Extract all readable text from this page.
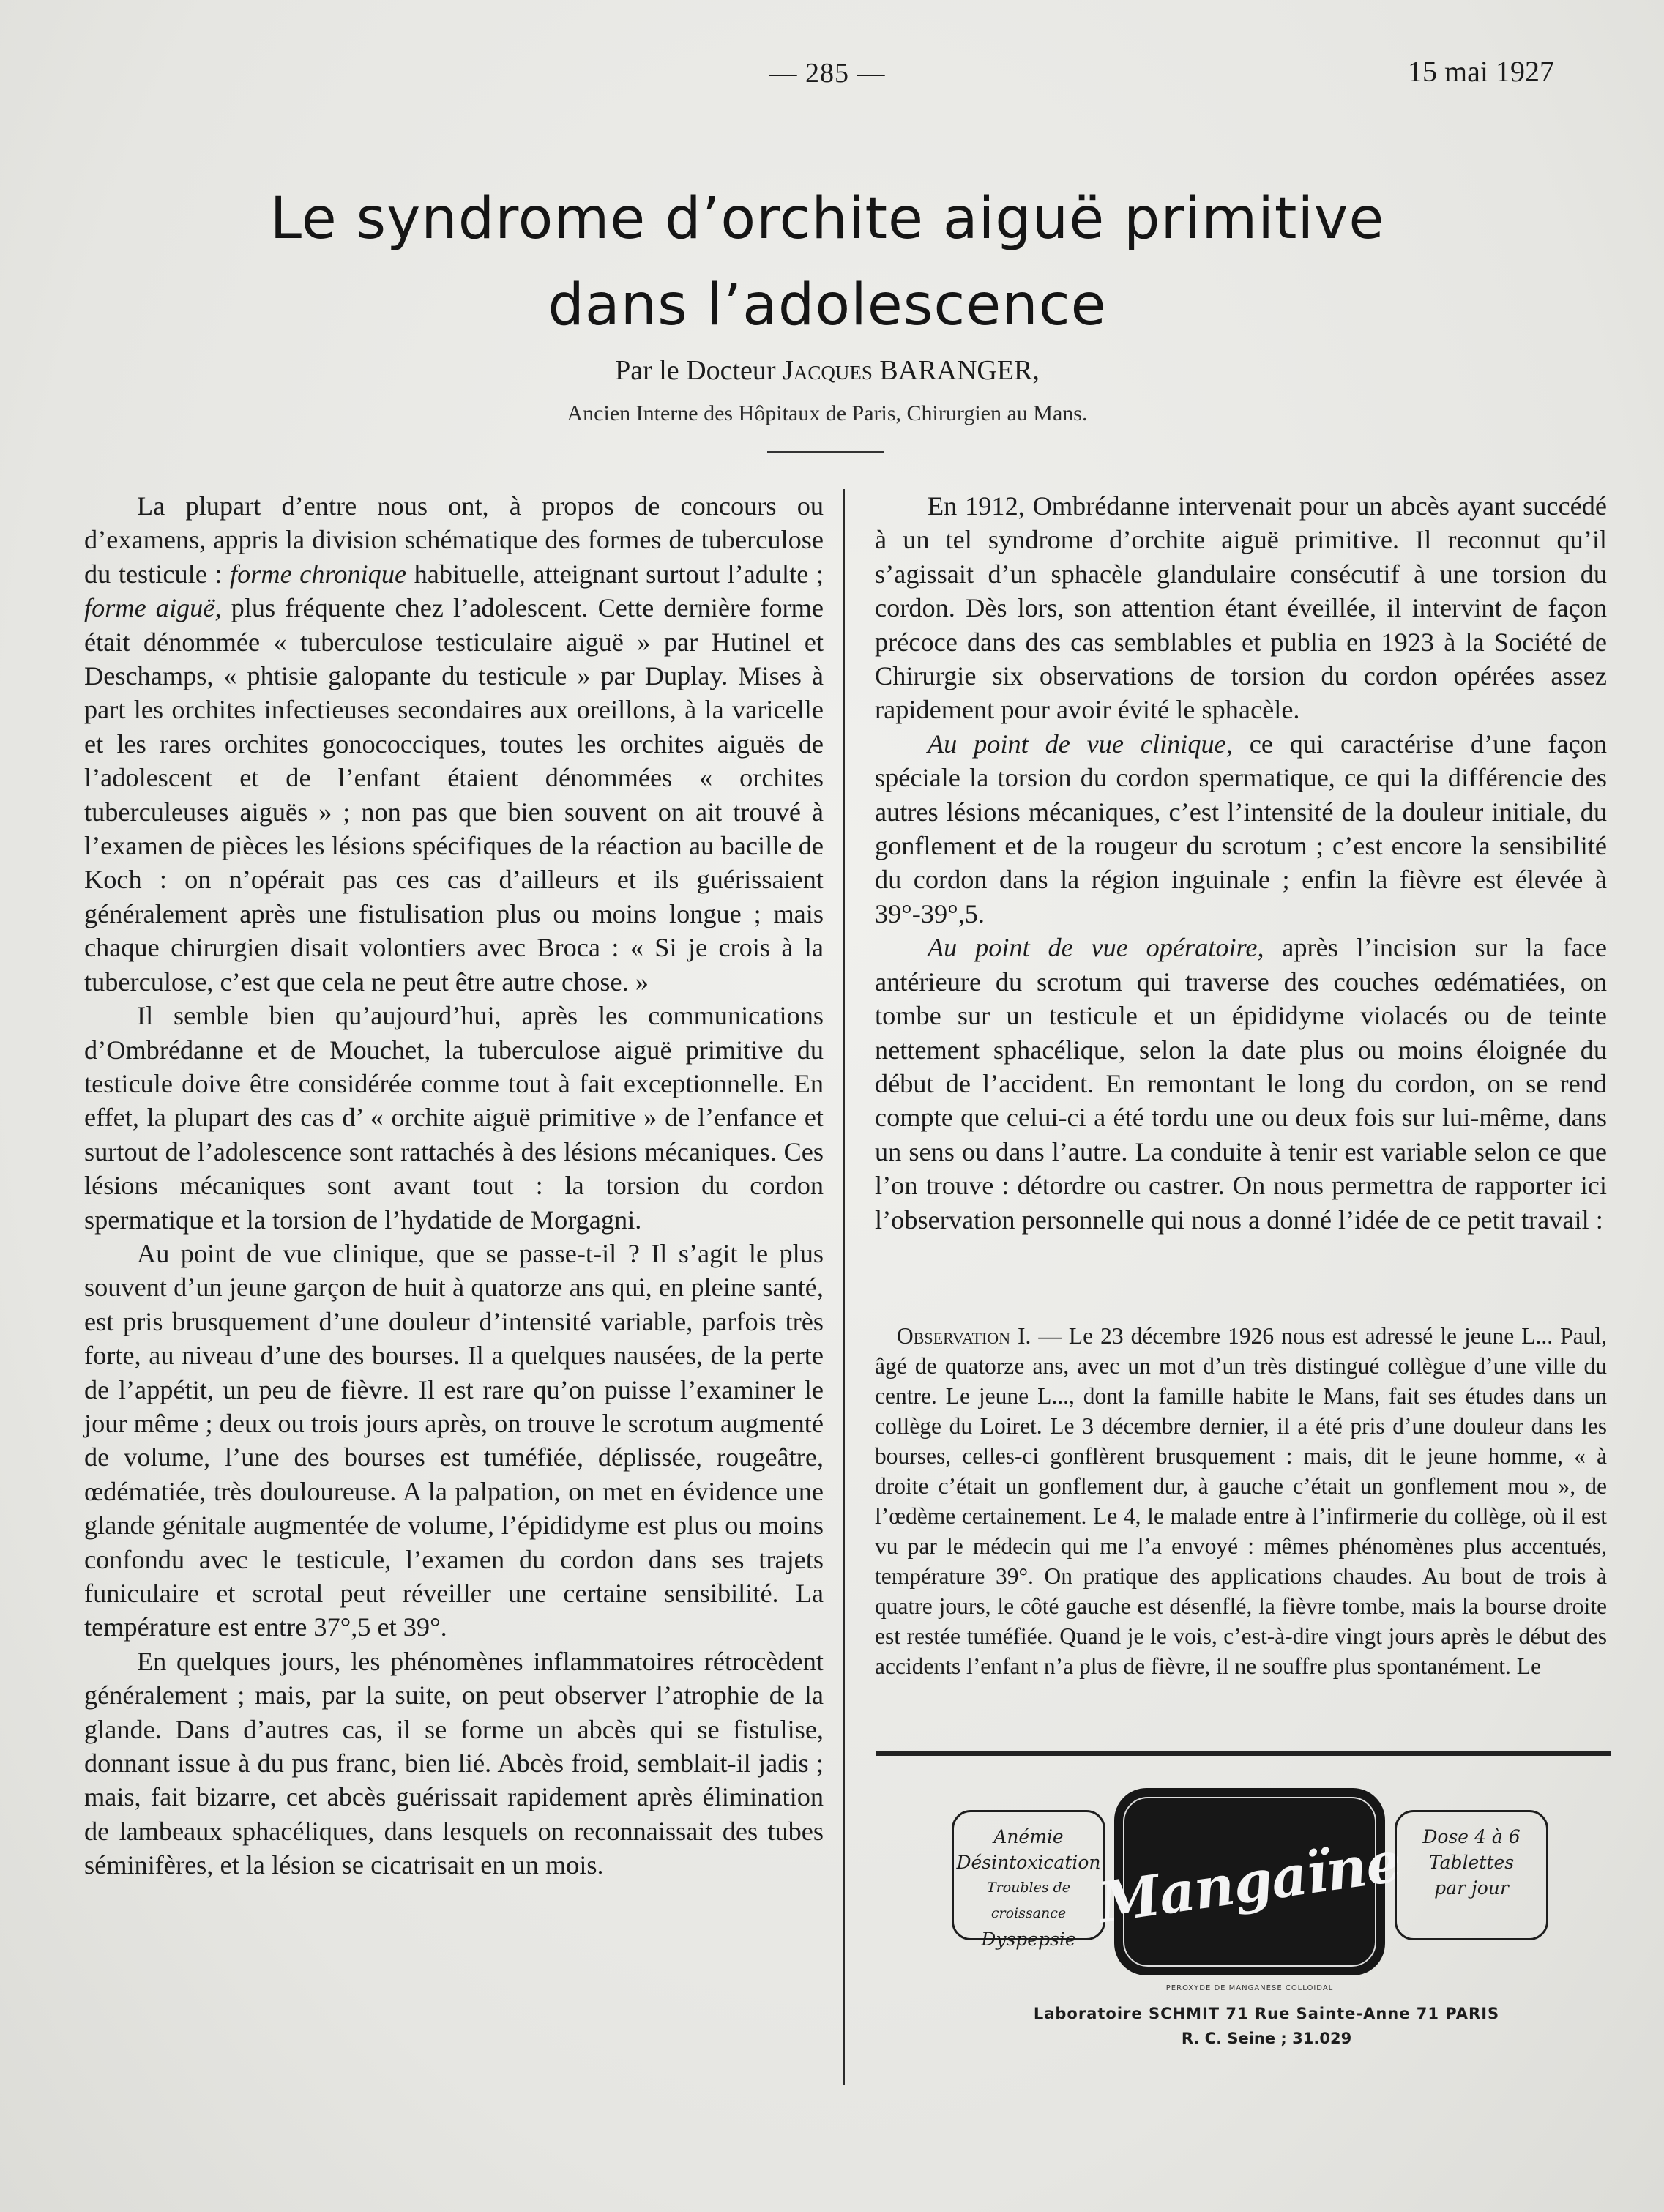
— 285 —	15 mai 1927
Le syndrome d’orchite aiguë primitive
dans l’adolescence
Par le Docteur Jacques BARANGER,
Ancien Interne des Hôpitaux de Paris, Chirurgien au Mans.

La plupart d’entre nous ont, à propos de concours ou d’examens, appris la division schématique des formes de tuberculose du testicule : forme chronique habituelle, atteignant surtout l’adulte ; forme aiguë, plus fréquente chez l’adolescent. Cette dernière forme était dénommée « tuberculose testiculaire aiguë » par Hutinel et Deschamps, « phtisie galopante du testicule » par Duplay. Mises à part les orchites infectieuses secondaires aux oreillons, à la varicelle et les rares orchites gonococciques, toutes les orchites aiguës de l’adolescent et de l’enfant étaient dénommées « orchites tuberculeuses aiguës » ; non pas que bien souvent on ait trouvé à l’examen de pièces les lésions spécifiques de la réaction au bacille de Koch : on n’opérait pas ces cas d’ailleurs et ils guérissaient généralement après une fistulisation plus ou moins longue ; mais chaque chirurgien disait volontiers avec Broca : « Si je crois à la tuberculose, c’est que cela ne peut être autre chose. »

Il semble bien qu’aujourd’hui, après les communications d’Ombrédanne et de Mouchet, la tuberculose aiguë primitive du testicule doive être considérée comme tout à fait exceptionnelle. En effet, la plupart des cas d’ « orchite aiguë primitive » de l’enfance et surtout de l’adolescence sont rattachés à des lésions mécaniques. Ces lésions mécaniques sont avant tout : la torsion du cordon spermatique et la torsion de l’hydatide de Morgagni.

Au point de vue clinique, que se passe-t-il ? Il s’agit le plus souvent d’un jeune garçon de huit à quatorze ans qui, en pleine santé, est pris brusquement d’une douleur d’intensité variable, parfois très forte, au niveau d’une des bourses. Il a quelques nausées, de la perte de l’appétit, un peu de fièvre. Il est rare qu’on puisse l’examiner le jour même ; deux ou trois jours après, on trouve le scrotum augmenté de volume, l’une des bourses est tuméfiée, déplissée, rougeâtre, œdématiée, très douloureuse. A la palpation, on met en évidence une glande génitale augmentée de volume, l’épididyme est plus ou moins confondu avec le testicule, l’examen du cordon dans ses trajets funiculaire et scrotal peut réveiller une certaine sensibilité. La température est entre 37°,5 et 39°.

En quelques jours, les phénomènes inflammatoires rétrocèdent généralement ; mais, par la suite, on peut observer l’atrophie de la glande. Dans d’autres cas, il se forme un abcès qui se fistulise, donnant issue à du pus franc, bien lié. Abcès froid, semblait-il jadis ; mais, fait bizarre, cet abcès guérissait rapidement après élimination de lambeaux sphacéliques, dans lesquels on reconnaissait des tubes séminifères, et la lésion se cicatrisait en un mois.

En 1912, Ombrédanne intervenait pour un abcès ayant succédé à un tel syndrome d’orchite aiguë primitive. Il reconnut qu’il s’agissait d’un sphacèle glandulaire consécutif à une torsion du cordon. Dès lors, son attention étant éveillée, il intervint de façon précoce dans des cas semblables et publia en 1923 à la Société de Chirurgie six observations de torsion du cordon opérées assez rapidement pour avoir évité le sphacèle.

Au point de vue clinique, ce qui caractérise d’une façon spéciale la torsion du cordon spermatique, ce qui la différencie des autres lésions mécaniques, c’est l’intensité de la douleur initiale, du gonflement et de la rougeur du scrotum ; c’est encore la sensibilité du cordon dans la région inguinale ; enfin la fièvre est élevée à 39°-39°,5.

Au point de vue opératoire, après l’incision sur la face antérieure du scrotum qui traverse des couches œdématiées, on tombe sur un testicule et un épididyme violacés ou de teinte nettement sphacélique, selon la date plus ou moins éloignée du début de l’accident. En remontant le long du cordon, on se rend compte que celui-ci a été tordu une ou deux fois sur lui-même, dans un sens ou dans l’autre. La conduite à tenir est variable selon ce que l’on trouve : détordre ou castrer. On nous permettra de rapporter ici l’observation personnelle qui nous a donné l’idée de ce petit travail :

Observation I. — Le 23 décembre 1926 nous est adressé le jeune L... Paul, âgé de quatorze ans, avec un mot d’un très distingué collègue d’une ville du centre. Le jeune L..., dont la famille habite le Mans, fait ses études dans un collège du Loiret. Le 3 décembre dernier, il a été pris d’une douleur dans les bourses, celles-ci gonflèrent brusquement : mais, dit le jeune homme, « à droite c’était un gonflement dur, à gauche c’était un gonflement mou », de l’œdème certainement. Le 4, le malade entre à l’infirmerie du collège, où il est vu par le médecin qui me l’a envoyé : mêmes phénomènes plus accentués, température 39°. On pratique des applications chaudes. Au bout de trois à quatre jours, le côté gauche est désenflé, la fièvre tombe, mais la bourse droite est restée tuméfiée. Quand je le vois, c’est-à-dire vingt jours après le début des accidents l’enfant n’a plus de fièvre, il ne souffre plus spontanément. Le

Anémie
Désintoxication
Troubles de croissance
Dyspepsie
Mangaïne Dose 4 à 6
Tablettes
par jour
PEROXYDE DE MANGANÈSE COLLOÏDAL
Laboratoire SCHMIT 71 Rue Sainte-Anne 71 PARIS
R. C. Seine ; 31.029
